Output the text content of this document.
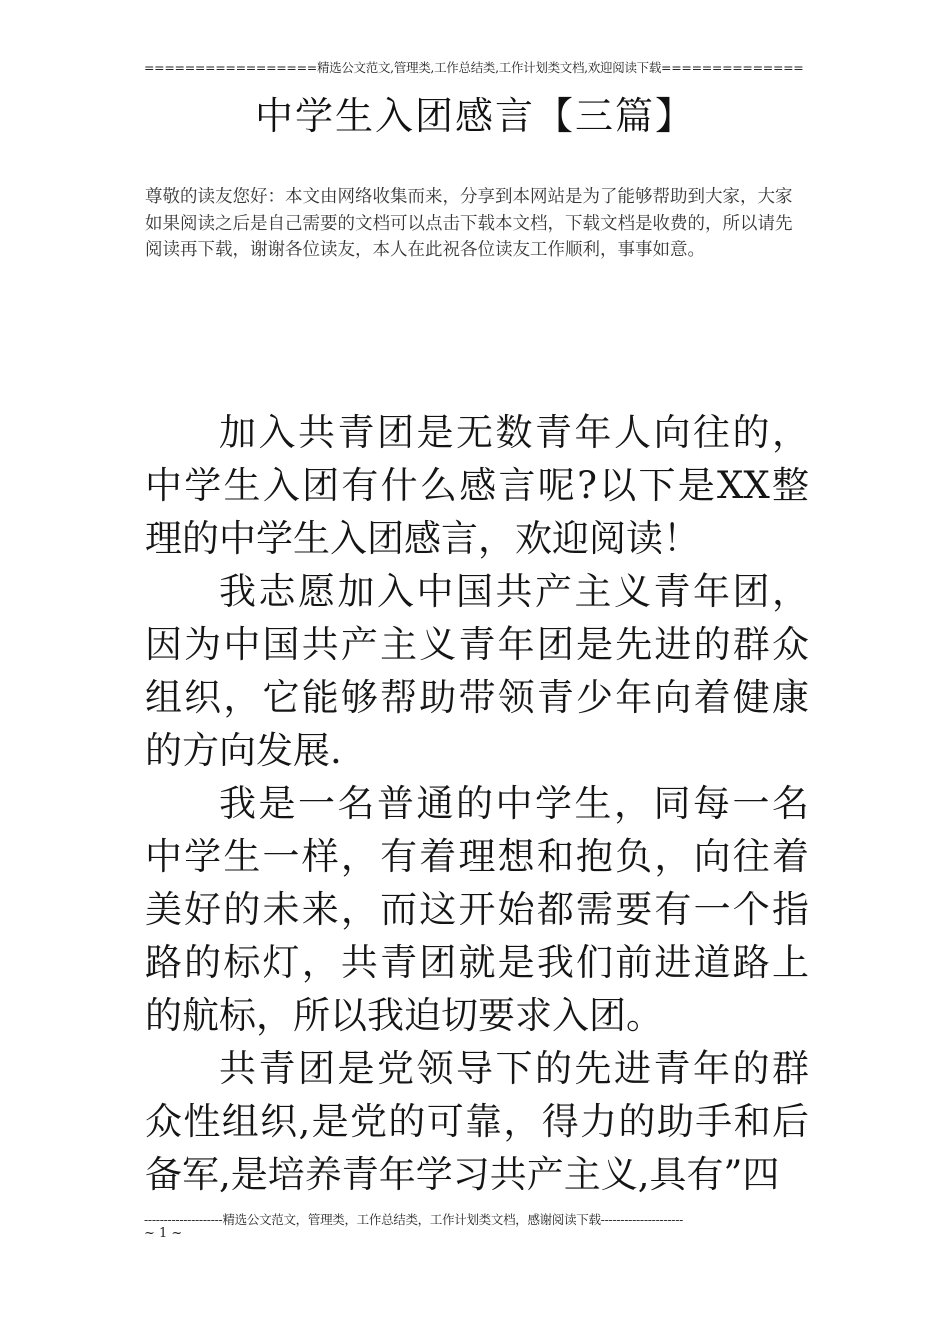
=================精选公文范文,管理类,工作总结类,工作计划类文档,欢迎阅读下载==============
中学生入团感言【三篇】

尊敬的读友您好：本文由网络收集而来，分享到本网站是为了能够帮助到大家，大家如果阅读之后是自己需要的文档可以点击下载本文档，下载文档是收费的，所以请先阅读再下载，谢谢各位读友，本人在此祝各位读友工作顺利，事事如意。

加入共青团是无数青年人向往的，中学生入团有什么感言呢?以下是XX整理的中学生入团感言，欢迎阅读！

我志愿加入中国共产主义青年团，因为中国共产主义青年团是先进的群众组织，它能够帮助带领青少年向着健康的方向发展.

我是一名普通的中学生，同每一名中学生一样，有着理想和抱负，向往着美好的未来，而这开始都需要有一个指路的标灯，共青团就是我们前进道路上的航标，所以我迫切要求入团。

共青团是党领导下的先进青年的群众性组织,是党的可靠，得力的助手和后备军,是培养青年学习共产主义,具有”四

--------------------精选公文范文，管理类，工作总结类，工作计划类文档，感谢阅读下载---------------------
~ 1 ~
